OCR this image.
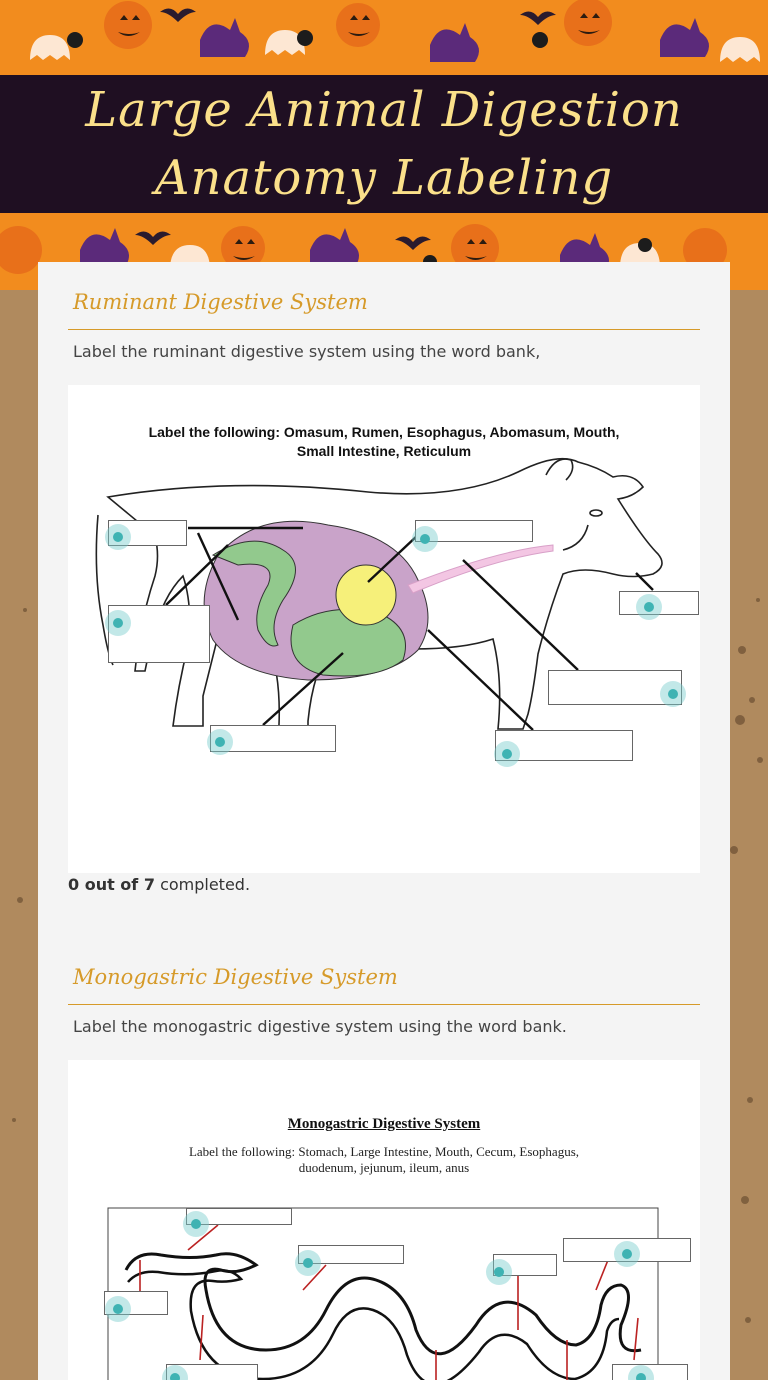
Large Animal Digestion
Anatomy Labeling
Ruminant Digestive System
Label the ruminant digestive system using the word bank,
Label the following: Omasum, Rumen, Esophagus, Abomasum, Mouth,
Small Intestine, Reticulum
0 out of 7 completed.
Monogastric Digestive System
Label the monogastric digestive system using the word bank.
Monogastric Digestive System
Label the following: Stomach, Large Intestine, Mouth, Cecum, Esophagus,
duodenum, jejunum, ileum, anus
